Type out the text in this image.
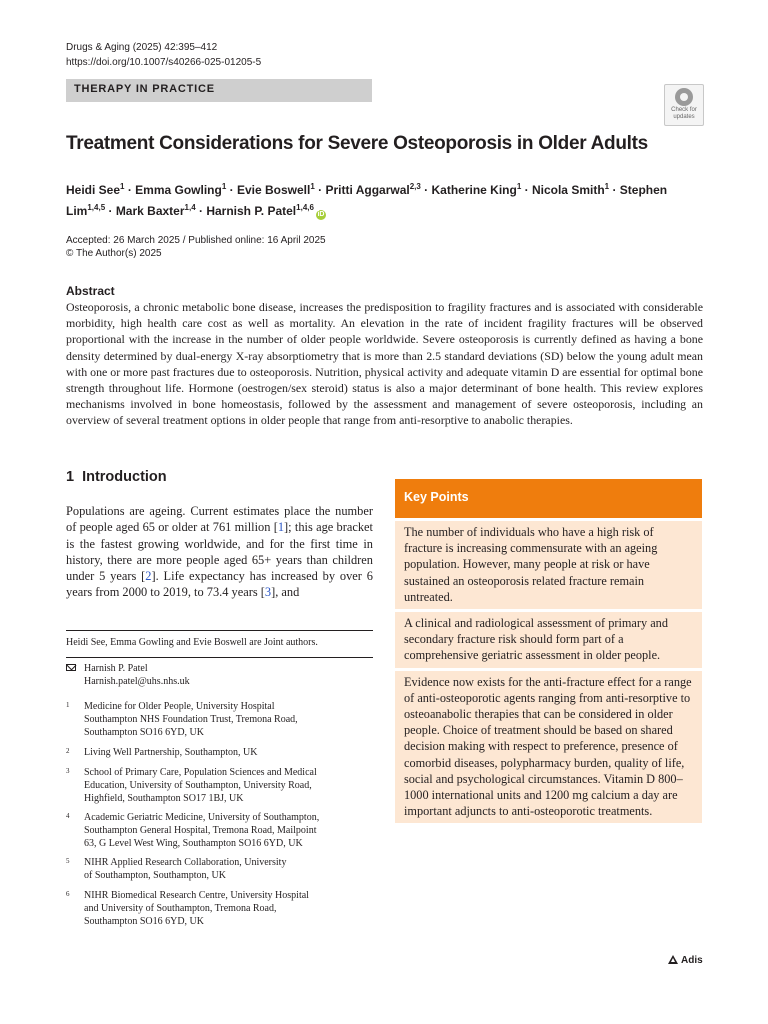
Drugs & Aging (2025) 42:395–412
https://doi.org/10.1007/s40266-025-01205-5
THERAPY IN PRACTICE
Check for
updates
Treatment Considerations for Severe Osteoporosis in Older Adults
Heidi See$^1$ · Emma Gowling$^1$ · Evie Boswell$^1$ · Pritti Aggarwal$^{2,3}$ · Katherine King$^1$ · Nicola Smith$^1$ · Stephen Lim$^{1,4,5}$ · Mark Baxter$^{1,4}$ · Harnish P. Patel$^{1,4,6}$iD
Accepted: 26 March 2025 / Published online: 16 April 2025
© The Author(s) 2025
Abstract
Osteoporosis, a chronic metabolic bone disease, increases the predisposition to fragility fractures and is associated with considerable morbidity, high health care cost as well as mortality. An elevation in the rate of incident fragility fractures will be observed proportional with the increase in the number of older people worldwide. Severe osteoporosis is currently defined as having a bone density determined by dual-energy X-ray absorptiometry that is more than 2.5 standard deviations (SD) below the young adult mean with one or more past fractures due to osteoporosis. Nutrition, physical activity and adequate vitamin D are essential for optimal bone strength throughout life. Hormone (oestrogen/sex steroid) status is also a major determinant of bone health. This review explores mechanisms involved in bone homeostasis, followed by the assessment and management of severe osteoporosis, including an overview of several treatment options in older people that range from anti-resorptive to anabolic therapies.
1 Introduction
Populations are ageing. Current estimates place the number of people aged 65 or older at 761 million [1]; this age bracket is the fastest growing worldwide, and for the first time in history, there are more people aged 65+ years than children under 5 years [2]. Life expectancy has increased by over 6 years from 2000 to 2019, to 73.4 years [3], and
Heidi See, Emma Gowling and Evie Boswell are Joint authors.
Harnish P. Patel
Harnish.patel@uhs.nhs.uk
1 Medicine for Older People, University Hospital
Southampton NHS Foundation Trust, Tremona Road,
Southampton SO16 6YD, UK
2 Living Well Partnership, Southampton, UK
3 School of Primary Care, Population Sciences and Medical
Education, University of Southampton, University Road,
Highfield, Southampton SO17 1BJ, UK
4 Academic Geriatric Medicine, University of Southampton,
Southampton General Hospital, Tremona Road, Mailpoint
63, G Level West Wing, Southampton SO16 6YD, UK
5 NIHR Applied Research Collaboration, University
of Southampton, Southampton, UK
6 NIHR Biomedical Research Centre, University Hospital
and University of Southampton, Tremona Road,
Southampton SO16 6YD, UK
Key Points
The number of individuals who have a high risk of fracture is increasing commensurate with an ageing population. However, many people at risk or have sustained an osteoporosis related fracture remain untreated.
A clinical and radiological assessment of primary and secondary fracture risk should form part of a comprehensive geriatric assessment in older people.
Evidence now exists for the anti-fracture effect for a range of anti-osteoporotic agents ranging from anti-resorptive to osteoanabolic therapies that can be considered in older people. Choice of treatment should be based on shared decision making with respect to preference, presence of comorbid diseases, polypharmacy burden, quality of life, social and psychological circumstances. Vitamin D 800–1000 international units and 1200 mg calcium a day are important adjuncts to anti-osteoporotic treatments.
Adis
